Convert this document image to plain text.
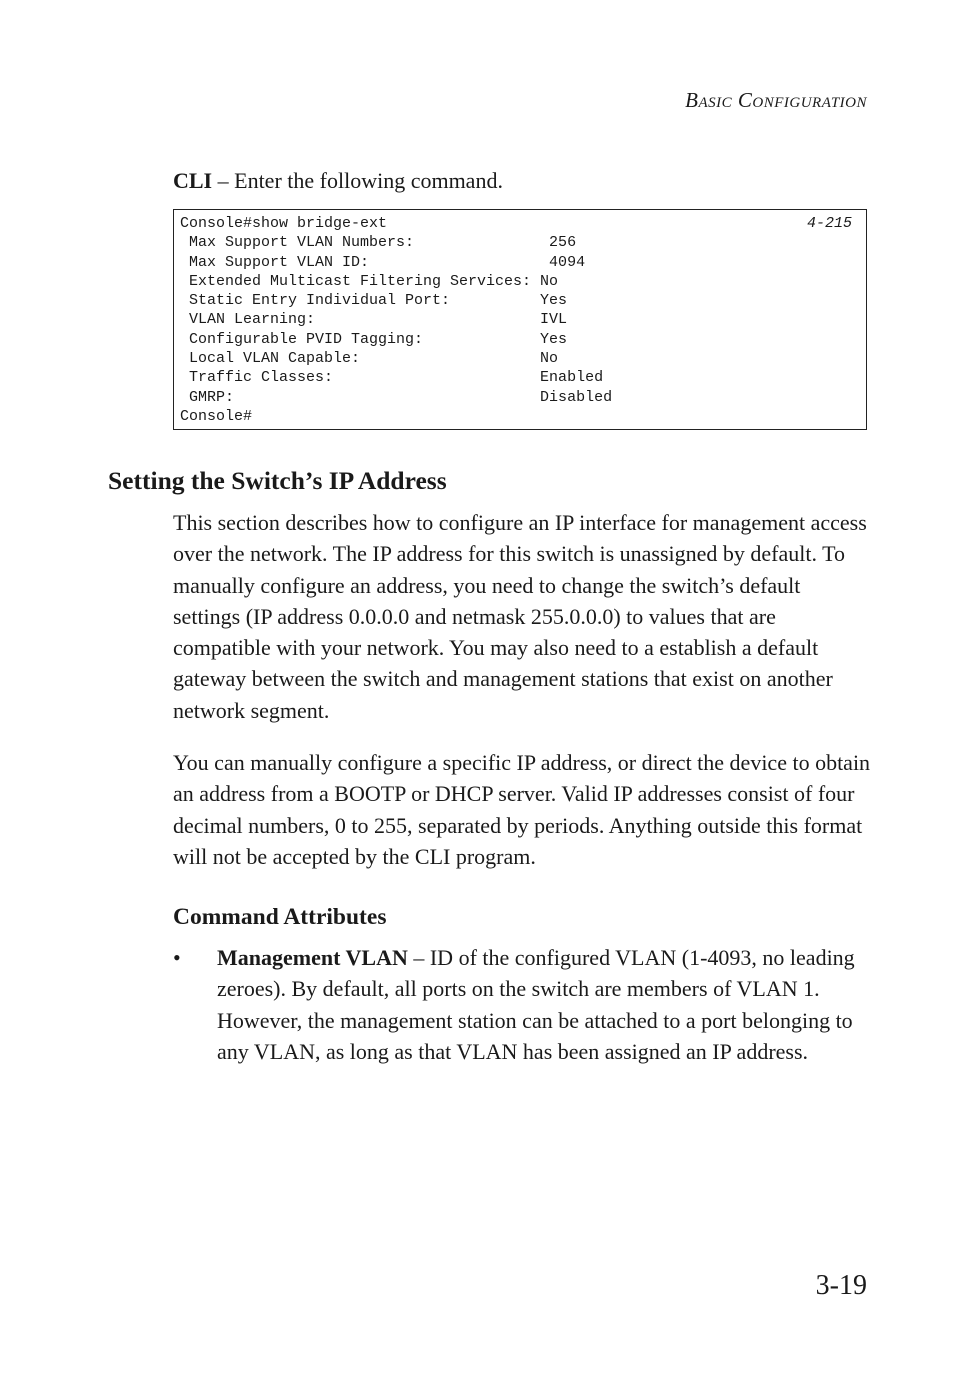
Basic Configuration
CLI – Enter the following command.
Console#show bridge-ext	4-215
Max Support VLAN Numbers:               256
Max Support VLAN ID:                    4094
Extended Multicast Filtering Services: No
Static Entry Individual Port:          Yes
VLAN Learning:                         IVL
Configurable PVID Tagging:             Yes
Local VLAN Capable:                    No
Traffic Classes:                       Enabled
GMRP:                                  Disabled
Console#
Setting the Switch’s IP Address

This section describes how to configure an IP interface for management access over the network. The IP address for this switch is unassigned by default. To manually configure an address, you need to change the switch’s default settings (IP address 0.0.0.0 and netmask 255.0.0.0) to values that are compatible with your network. You may also need to a establish a default gateway between the switch and management stations that exist on another network segment.

You can manually configure a specific IP address, or direct the device to obtain an address from a BOOTP or DHCP server. Valid IP addresses consist of four decimal numbers, 0 to 255, separated by periods. Anything outside this format will not be accepted by the CLI program.

Command Attributes
• Management VLAN – ID of the configured VLAN (1-4093, no leading zeroes). By default, all ports on the switch are members of VLAN 1. However, the management station can be attached to a port belonging to any VLAN, as long as that VLAN has been assigned an IP address.

3-19
